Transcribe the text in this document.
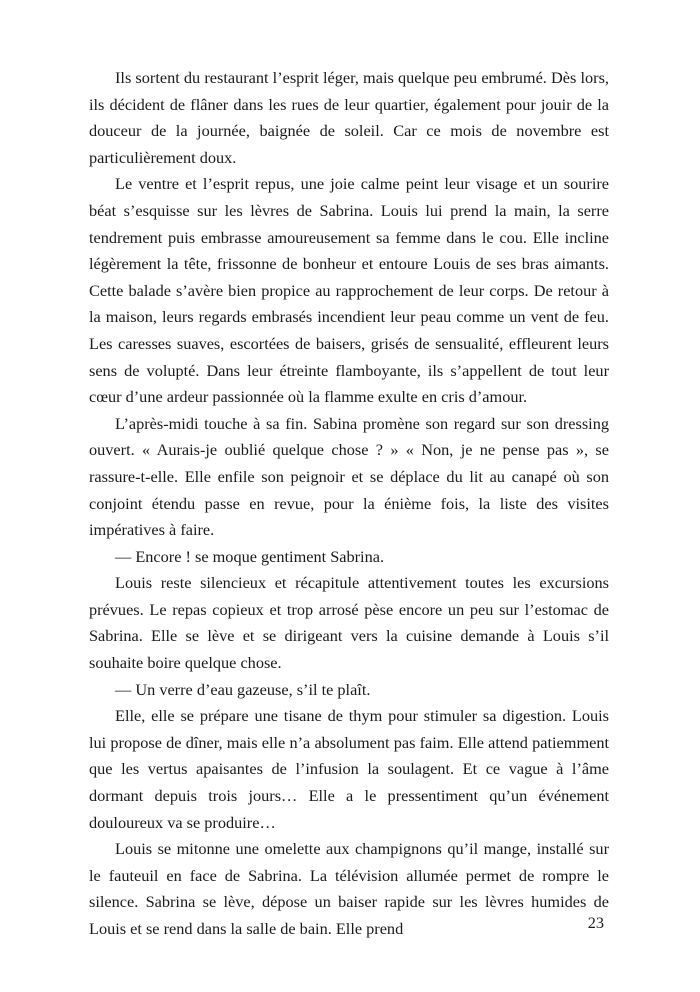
Ils sortent du restaurant l’esprit léger, mais quelque peu embrumé. Dès lors, ils décident de flâner dans les rues de leur quartier, également pour jouir de la douceur de la journée, baignée de soleil. Car ce mois de novembre est particulièrement doux.

Le ventre et l’esprit repus, une joie calme peint leur visage et un sourire béat s’esquisse sur les lèvres de Sabrina. Louis lui prend la main, la serre tendrement puis embrasse amoureusement sa femme dans le cou. Elle incline légèrement la tête, frissonne de bonheur et entoure Louis de ses bras aimants. Cette balade s’avère bien propice au rapprochement de leur corps. De retour à la maison, leurs regards embrasés incendient leur peau comme un vent de feu. Les caresses suaves, escortées de baisers, grisés de sensualité, effleurent leurs sens de volupté. Dans leur étreinte flamboyante, ils s’appellent de tout leur cœur d’une ardeur passionnée où la flamme exulte en cris d’amour.

L’après-midi touche à sa fin. Sabina promène son regard sur son dressing ouvert. « Aurais-je oublié quelque chose ? » « Non, je ne pense pas », se rassure-t-elle. Elle enfile son peignoir et se déplace du lit au canapé où son conjoint étendu passe en revue, pour la énième fois, la liste des visites impératives à faire.

— Encore ! se moque gentiment Sabrina.

Louis reste silencieux et récapitule attentivement toutes les excursions prévues. Le repas copieux et trop arrosé pèse encore un peu sur l’estomac de Sabrina. Elle se lève et se dirigeant vers la cuisine demande à Louis s’il souhaite boire quelque chose.

— Un verre d’eau gazeuse, s’il te plaît.

Elle, elle se prépare une tisane de thym pour stimuler sa digestion. Louis lui propose de dîner, mais elle n’a absolument pas faim. Elle attend patiemment que les vertus apaisantes de l’infusion la soulagent. Et ce vague à l’âme dormant depuis trois jours… Elle a le pressentiment qu’un événement douloureux va se produire…

Louis se mitonne une omelette aux champignons qu’il mange, installé sur le fauteuil en face de Sabrina. La télévision allumée permet de rompre le silence. Sabrina se lève, dépose un baiser rapide sur les lèvres humides de Louis et se rend dans la salle de bain. Elle prend	23
